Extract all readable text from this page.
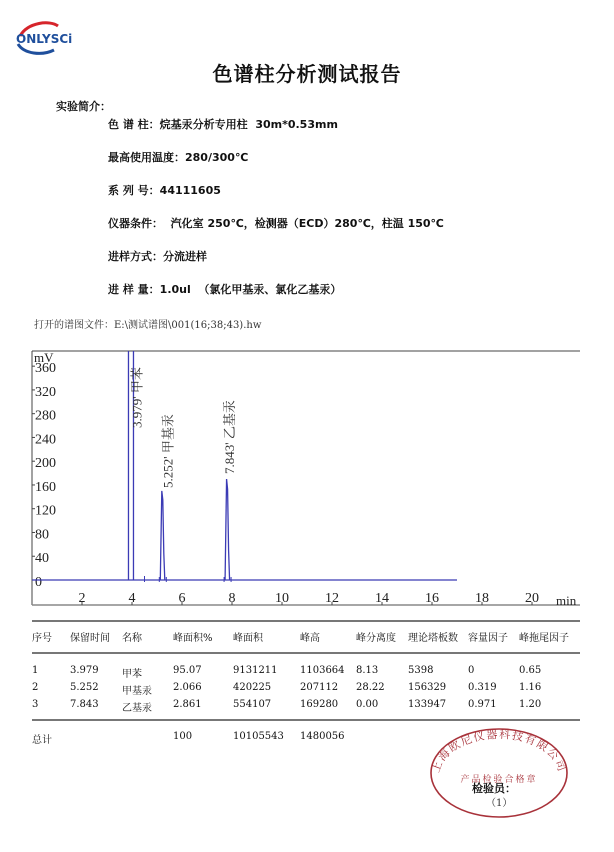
ONLYSCi
色谱柱分析测试报告
实验简介：
色 谱 柱：烷基汞分析专用柱  30m*0.53mm
最高使用温度：280/300℃
系 列 号：44111605
仪器条件：  汽化室 250℃，检测器（ECD）280℃，柱温 150℃
进样方式：分流进样
进 样 量：1.0ul  （氯化甲基汞、氯化乙基汞）
打开的谱图文件：E:\测试谱图\001(16;38;43).hw
0
40
80
120
160
200
240
280
320
360
mV
2	4	6	8	10	12	14	16	18	20 min
3.979' 甲苯
5.252' 甲基汞	7.843' 乙基汞
序号 保留时间 名称	峰面积% 峰面积	峰高	峰分离度 理论塔板数 容量因子 峰拖尾因子
1	3.979 甲苯	95.07	9131211 1103664 8.13	5398	0	0.65
2	5.252 甲基汞 2.066	420225	207112 28.22 156329 0.319 1.16
3	7.843 乙基汞 2.861	554107	169280 0.00	133947 0.971 1.20
总计	100	10105543 1480056
上海欧尼仪器科技有限公司
产品检验合格章
检验员：
（1）
